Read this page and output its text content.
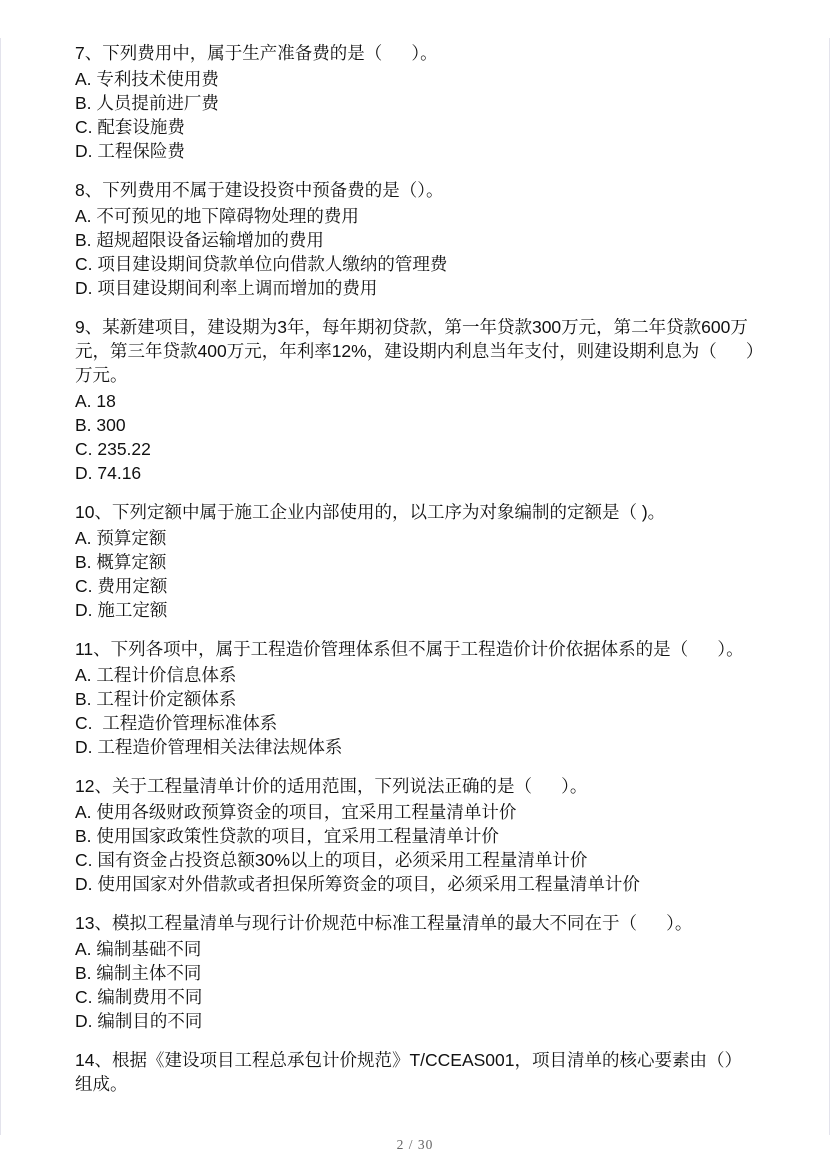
7、下列费用中，属于生产准备费的是（      ）。
A. 专利技术使用费
B. 人员提前进厂费
C. 配套设施费
D. 工程保险费
8、下列费用不属于建设投资中预备费的是（）。
A. 不可预见的地下障碍物处理的费用
B. 超规超限设备运输增加的费用
C. 项目建设期间贷款单位向借款人缴纳的管理费
D. 项目建设期间利率上调而增加的费用
9、某新建项目，建设期为3年，每年期初贷款，第一年贷款300万元，第二年贷款600万元，第三年贷款400万元，年利率12%，建设期内利息当年支付，则建设期利息为（      ）万元。
A. 18
B. 300
C. 235.22
D. 74.16
10、下列定额中属于施工企业内部使用的，以工序为对象编制的定额是（ )。
A. 预算定额
B. 概算定额
C. 费用定额
D. 施工定额
11、下列各项中，属于工程造价管理体系但不属于工程造价计价依据体系的是（      ）。
A. 工程计价信息体系
B. 工程计价定额体系
C.  工程造价管理标准体系
D. 工程造价管理相关法律法规体系
12、关于工程量清单计价的适用范围，下列说法正确的是（      ）。
A. 使用各级财政预算资金的项目，宜采用工程量清单计价
B. 使用国家政策性贷款的项目，宜采用工程量清单计价
C. 国有资金占投资总额30%以上的项目，必须采用工程量清单计价
D. 使用国家对外借款或者担保所筹资金的项目，必须采用工程量清单计价
13、模拟工程量清单与现行计价规范中标准工程量清单的最大不同在于（      ）。
A. 编制基础不同
B. 编制主体不同
C. 编制费用不同
D. 编制目的不同
14、根据《建设项目工程总承包计价规范》T/CCEAS001，项目清单的核心要素由（）组成。
2 / 30
